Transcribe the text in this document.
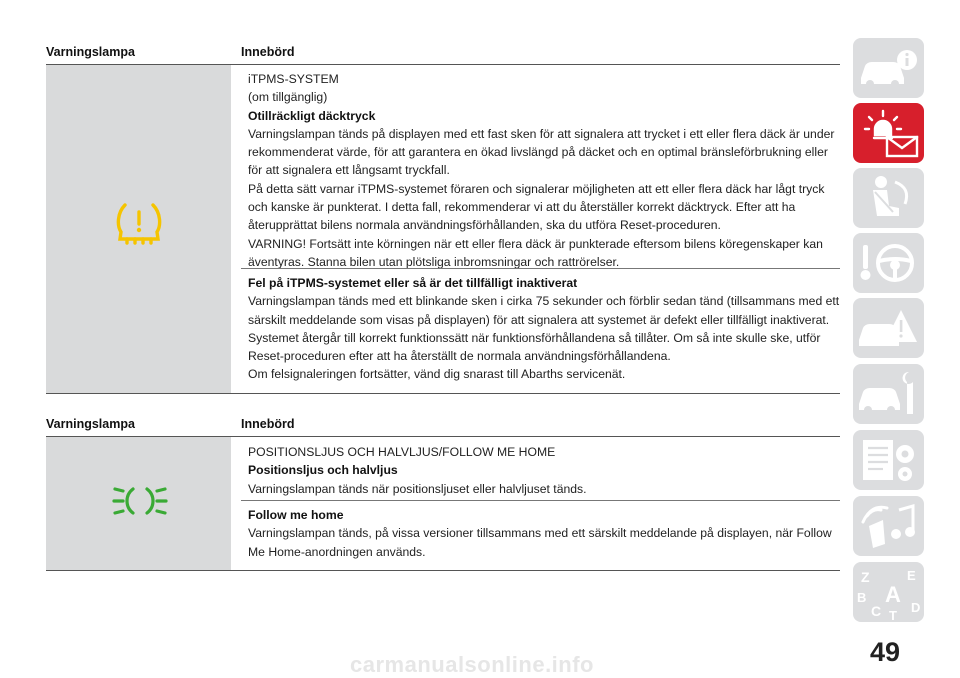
Varningslampa	Innebörd
iTPMS-SYSTEM
(om tillgänglig)
Otillräckligt däcktryck
Varningslampan tänds på displayen med ett fast sken för att signalera att trycket i ett eller flera däck är under rekommenderat värde, för att garantera en ökad livslängd på däcket och en optimal bränsleförbrukning eller för att signalera ett långsamt tryckfall.
På detta sätt varnar iTPMS-systemet föraren och signalerar möjligheten att ett eller flera däck har lågt tryck och kanske är punkterat. I detta fall, rekommenderar vi att du återställer korrekt däcktryck. Efter att ha återupprättat bilens normala användningsförhållanden, ska du utföra Reset-proceduren.
VARNING! Fortsätt inte körningen när ett eller flera däck är punkterade eftersom bilens köregenskaper kan äventyras. Stanna bilen utan plötsliga inbromsningar och rattrörelser.
Fel på iTPMS-systemet eller så är det tillfälligt inaktiverat
Varningslampan tänds med ett blinkande sken i cirka 75 sekunder och förblir sedan tänd (tillsammans med ett särskilt meddelande som visas på displayen) för att signalera att systemet är defekt eller tillfälligt inaktiverat. Systemet återgår till korrekt funktionssätt när funktionsförhållandena så tillåter. Om så inte skulle ske, utför Reset-proceduren efter att ha återställt de normala användningsförhållandena.
Om felsignaleringen fortsätter, vänd dig snarast till Abarths servicenät.
Varningslampa	Innebörd
POSITIONSLJUS OCH HALVLJUS/FOLLOW ME HOME
Positionsljus och halvljus
Varningslampan tänds när positionsljuset eller halvljuset tänds.
Follow me home
Varningslampan tänds, på vissa versioner tillsammans med ett särskilt meddelande på displayen, när Follow Me Home-anordningen används.
Z	E
B A
C T
D
49
carmanualsonline.info
